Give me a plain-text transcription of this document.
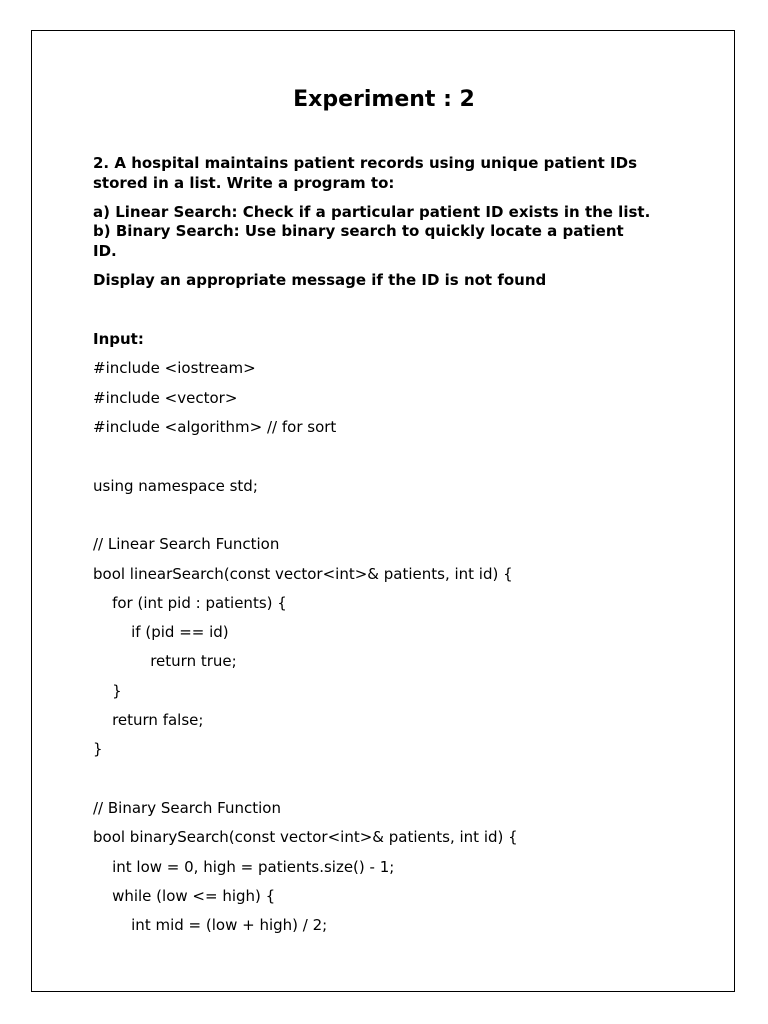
Experiment : 2
2. A hospital maintains patient records using unique patient IDs
stored in a list. Write a program to:
a) Linear Search: Check if a particular patient ID exists in the list.
b) Binary Search: Use binary search to quickly locate a patient
ID.
Display an appropriate message if the ID is not found
Input:
#include <iostream>
#include <vector>
#include <algorithm> // for sort
using namespace std;
// Linear Search Function
bool linearSearch(const vector<int>& patients, int id) {
for (int pid : patients) {
if (pid == id)
return true;
}
return false;
}
// Binary Search Function
bool binarySearch(const vector<int>& patients, int id) {
int low = 0, high = patients.size() - 1;
while (low <= high) {
int mid = (low + high) / 2;
